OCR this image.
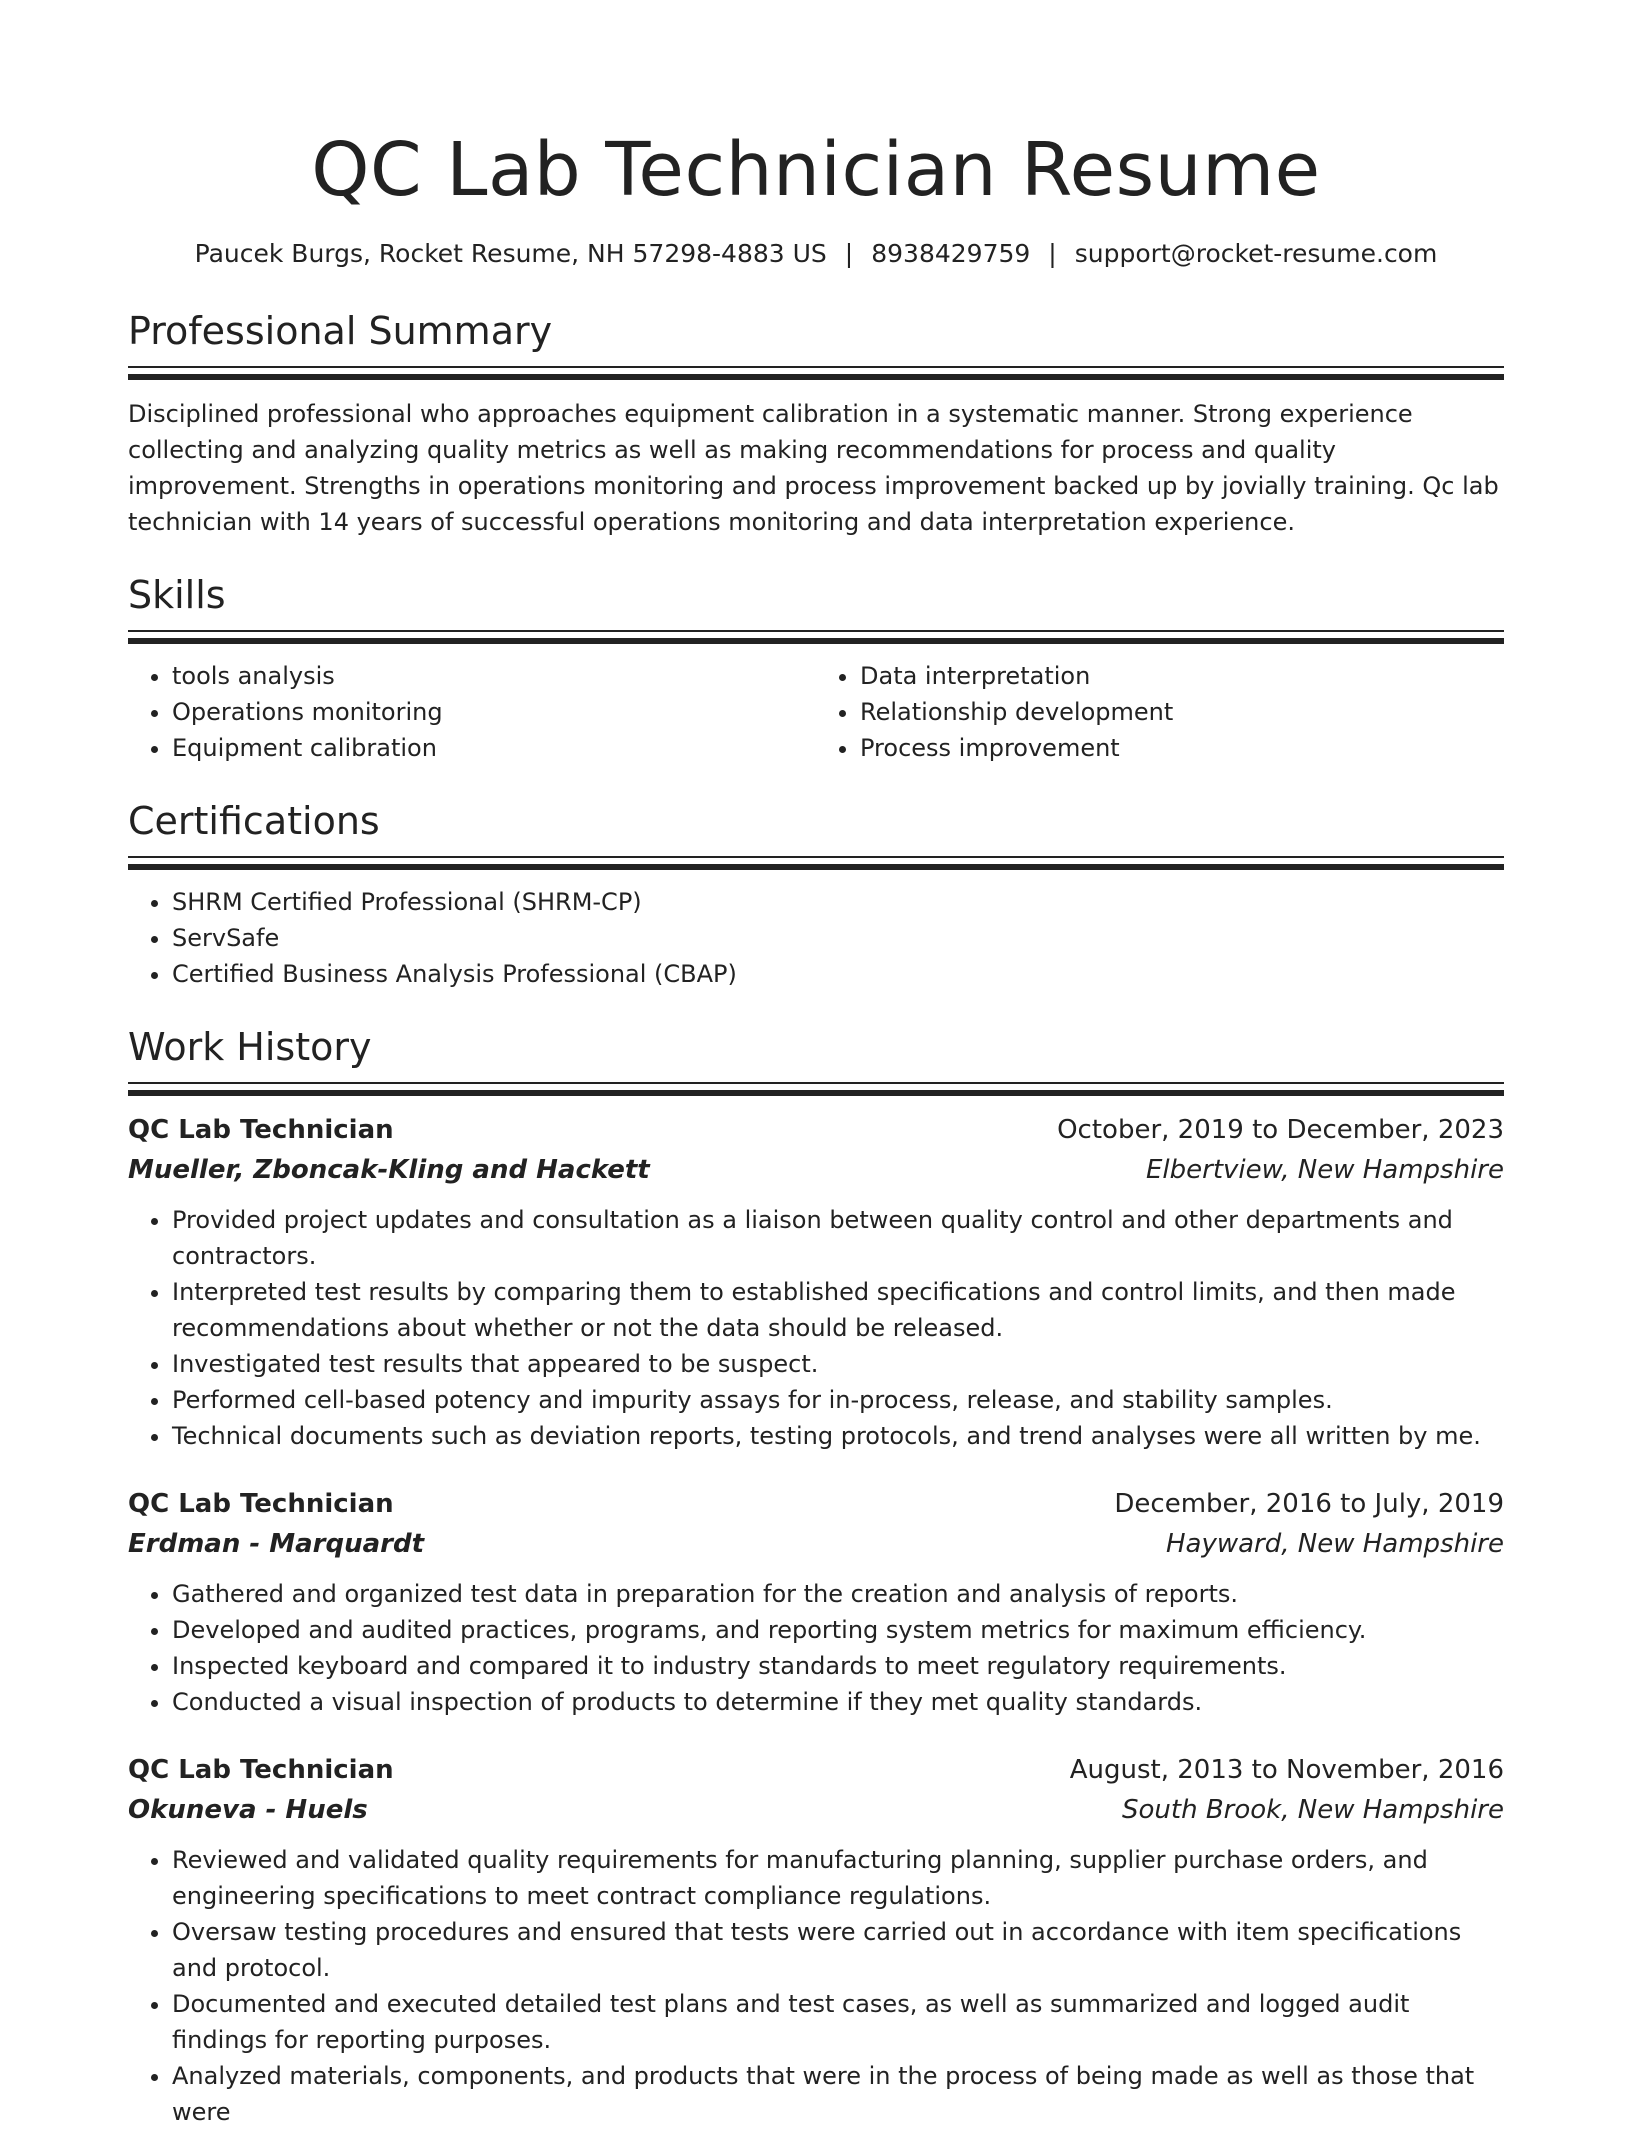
QC Lab Technician Resume
Paucek Burgs, Rocket Resume, NH 57298-4883 US | 8938429759 | support@rocket-resume.com
Professional Summary
Disciplined professional who approaches equipment calibration in a systematic manner. Strong experience collecting and analyzing quality metrics as well as making recommendations for process and quality improvement. Strengths in operations monitoring and process improvement backed up by jovially training. Qc lab technician with 14 years of successful operations monitoring and data interpretation experience.
Skills
• tools analysis
• Operations monitoring
• Equipment calibration
• Data interpretation
• Relationship development
• Process improvement
Certifications
• SHRM Certified Professional (SHRM-CP)
• ServSafe
• Certified Business Analysis Professional (CBAP)
Work History
QC Lab Technician	October, 2019 to December, 2023
Mueller, Zboncak-Kling and Hackett	Elbertview, New Hampshire
• Provided project updates and consultation as a liaison between quality control and other departments and contractors.
• Interpreted test results by comparing them to established specifications and control limits, and then made recommendations about whether or not the data should be released.
• Investigated test results that appeared to be suspect.
• Performed cell-based potency and impurity assays for in-process, release, and stability samples.
• Technical documents such as deviation reports, testing protocols, and trend analyses were all written by me.
QC Lab Technician	December, 2016 to July, 2019
Erdman - Marquardt	Hayward, New Hampshire
• Gathered and organized test data in preparation for the creation and analysis of reports.
• Developed and audited practices, programs, and reporting system metrics for maximum efficiency.
• Inspected keyboard and compared it to industry standards to meet regulatory requirements.
• Conducted a visual inspection of products to determine if they met quality standards.
QC Lab Technician	August, 2013 to November, 2016
Okuneva - Huels	South Brook, New Hampshire
• Reviewed and validated quality requirements for manufacturing planning, supplier purchase orders, and engineering specifications to meet contract compliance regulations.
• Oversaw testing procedures and ensured that tests were carried out in accordance with item specifications and protocol.
• Documented and executed detailed test plans and test cases, as well as summarized and logged audit findings for reporting purposes.
• Analyzed materials, components, and products that were in the process of being made as well as those that were
